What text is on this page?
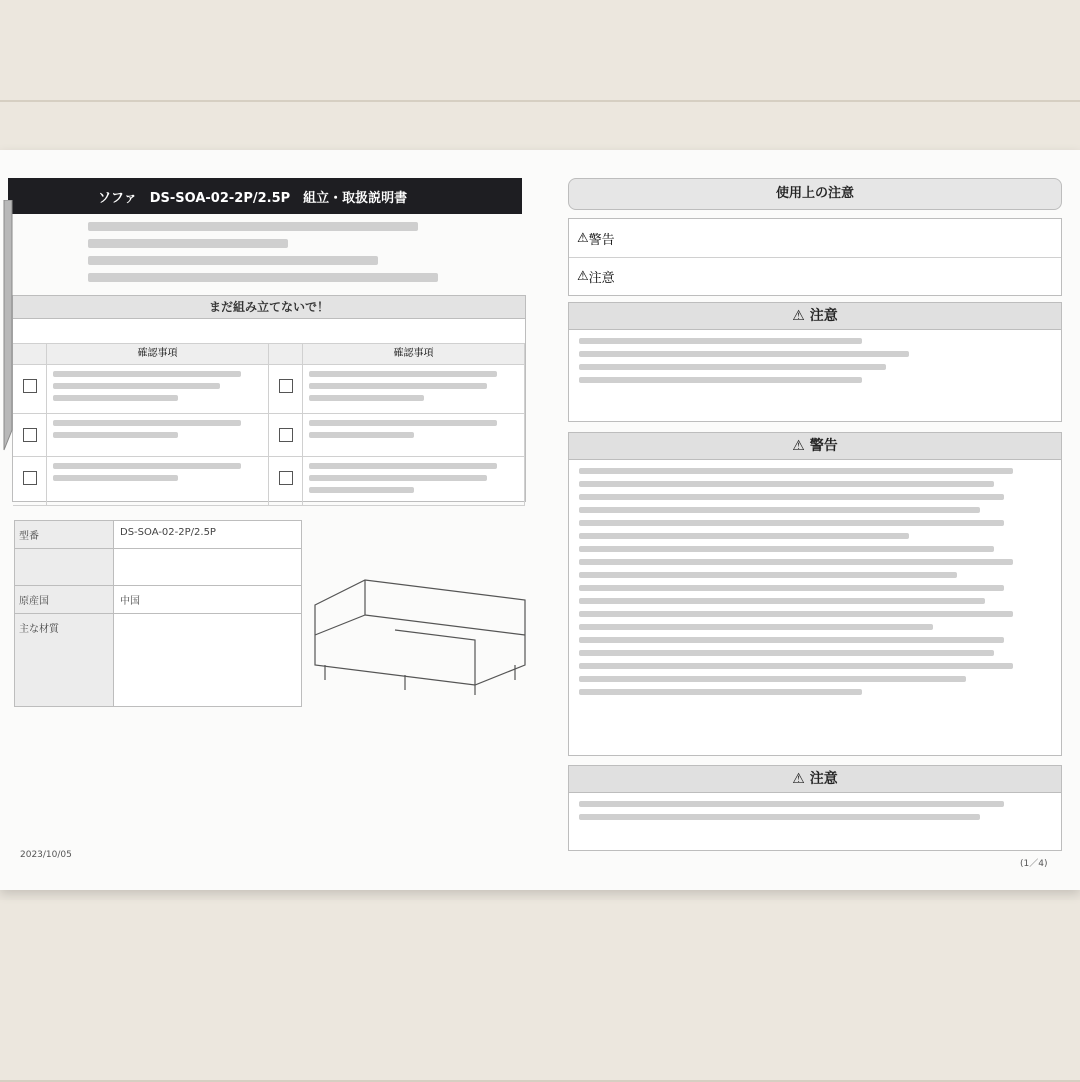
ソファ　DS-SOA-02-2P/2.5P　組立・取扱説明書
まだ組み立てないで！
確認事項	確認事項
型番	DS-SOA-02-2P/2.5P
原産国	中国
主な材質
2023/10/05
使用上の注意
⚠ 警告
⚠ 注意
⚠ 注意
⚠ 警告
⚠ 注意
(1／4)
